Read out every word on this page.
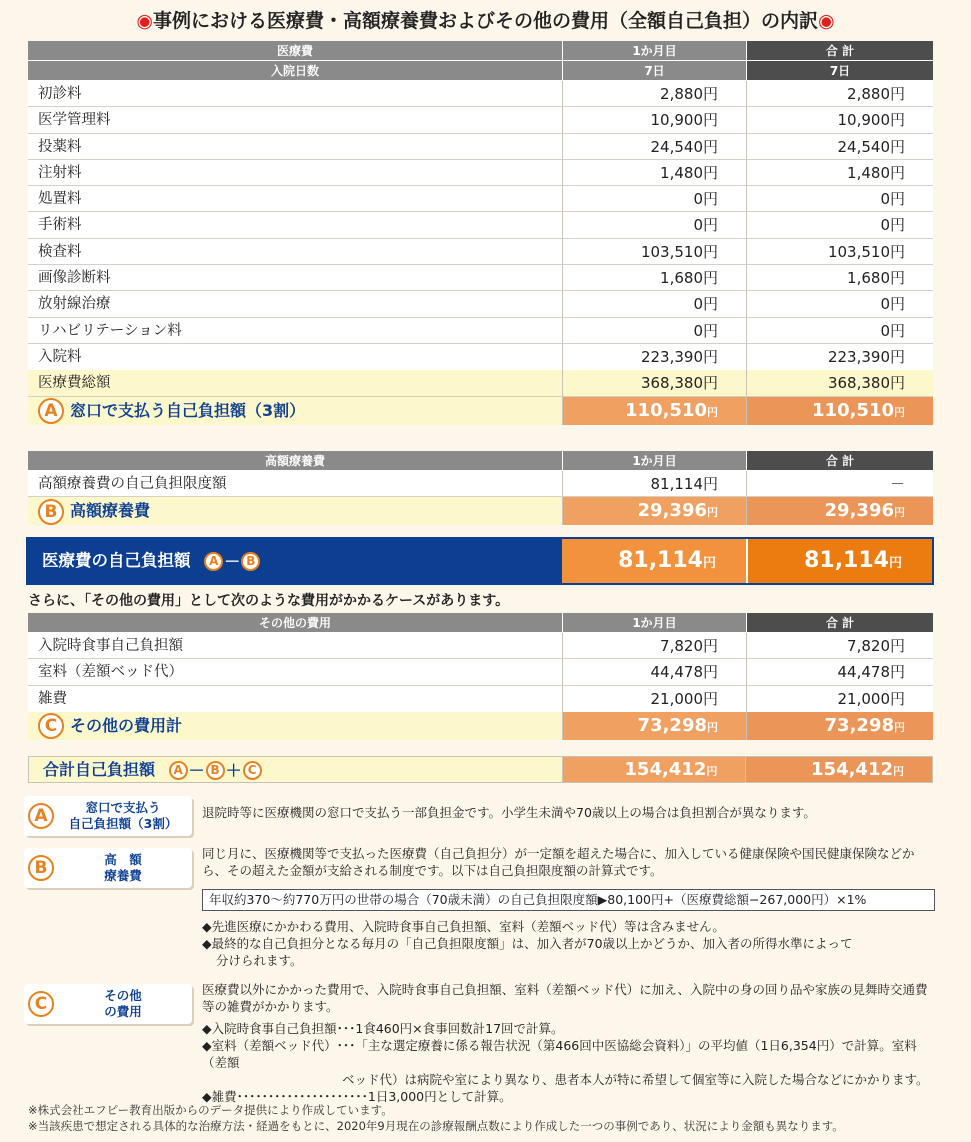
◉事例における医療費・高額療養費およびその他の費用（全額自己負担）の内訳◉
医療費	1か月目	合 計
入院日数	7日	7日
初診料	2,880円	2,880円
医学管理料	10,900円	10,900円
投薬料	24,540円	24,540円
注射料	1,480円	1,480円
処置料	0円	0円
手術料	0円	0円
検査料	103,510円	103,510円
画像診断料	1,680円	1,680円
放射線治療	0円	0円
リハビリテーション料	0円	0円
入院料	223,390円	223,390円
医療費総額	368,380円	368,380円
A 窓口で支払う自己負担額（3割）	110,510円	110,510円
高額療養費	1か月目	合 計
高額療養費の自己負担限度額	81,114円	－
B 高額療養費	29,396円	29,396円
医療費の自己負担額 A － B	81,114円	81,114円
さらに、「その他の費用」として次のような費用がかかるケースがあります。
その他の費用	1か月目	合 計
入院時食事自己負担額	7,820円	7,820円
室料（差額ベッド代）	44,478円	44,478円
雑費	21,000円	21,000円
C その他の費用計	73,298円	73,298円
合計自己負担額 A － B ＋ C	154,412円	154,412円
A	窓口で支払う
自己負担額（3割）
退院時等に医療機関の窓口で支払う一部負担金です。小学生未満や70歳以上の場合は負担割合が異なります。
B	高　額
療養費
同じ月に、医療機関等で支払った医療費（自己負担分）が一定額を超えた場合に、加入している健康保険や国民健康保険などから、その超えた金額が支給される制度です。以下は自己負担限度額の計算式です。
年収約370～約770万円の世帯の場合（70歳未満）の自己負担限度額▶80,100円+（医療費総額−267,000円）×1%
◆先進医療にかかわる費用、入院時食事自己負担額、室料（差額ベッド代）等は含みません。
◆最終的な自己負担分となる毎月の「自己負担限度額」は、加入者が70歳以上かどうか、加入者の所得水準によって
分けられます。
C	その他
の費用
医療費以外にかかった費用で、入院時食事自己負担額、室料（差額ベッド代）に加え、入院中の身の回り品や家族の見舞時交通費等の雑費がかかります。
◆入院時食事自己負担額･･･1食460円×食事回数計17回で計算。
◆室料（差額ベッド代）･･･「主な選定療養に係る報告状況（第466回中医協総会資料）」の平均値（1日6,354円）で計算。室料（差額
ベッド代）は病院や室により異なり、患者本人が特に希望して個室等に入院した場合などにかかります。
◆雑費･････････････････････1日3,000円として計算。
※株式会社エフピー教育出版からのデータ提供により作成しています。
※当該疾患で想定される具体的な治療方法・経過をもとに、2020年9月現在の診療報酬点数により作成した一つの事例であり、状況により金額も異なります。
